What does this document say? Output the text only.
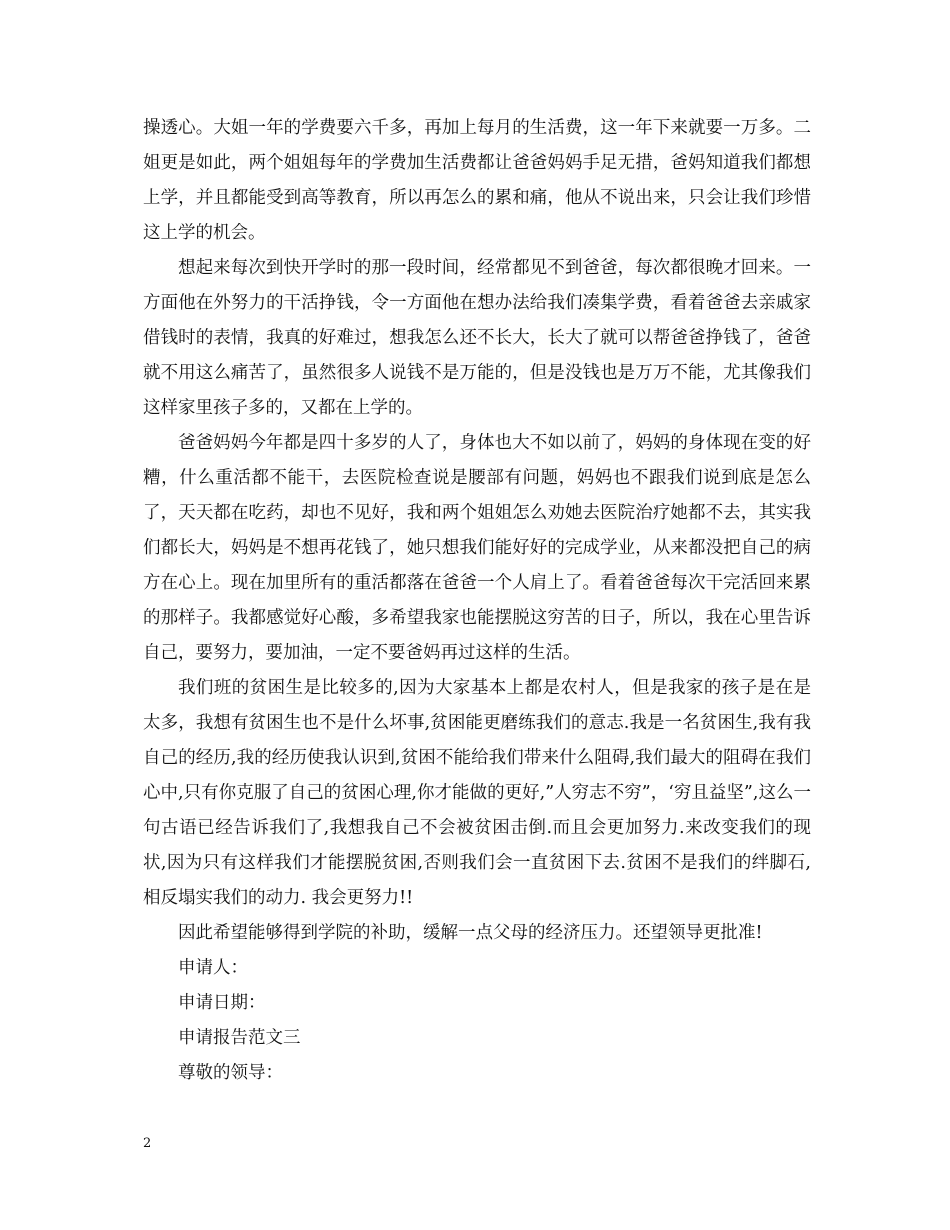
操透心。大姐一年的学费要六千多，再加上每月的生活费，这一年下来就要一万多。二姐更是如此，两个姐姐每年的学费加生活费都让爸爸妈妈手足无措，爸妈知道我们都想上学，并且都能受到高等教育，所以再怎么的累和痛，他从不说出来，只会让我们珍惜这上学的机会。

想起来每次到快开学时的那一段时间，经常都见不到爸爸，每次都很晚才回来。一方面他在外努力的干活挣钱，令一方面他在想办法给我们凑集学费，看着爸爸去亲戚家借钱时的表情，我真的好难过，想我怎么还不长大，长大了就可以帮爸爸挣钱了，爸爸就不用这么痛苦了，虽然很多人说钱不是万能的，但是没钱也是万万不能，尤其像我们这样家里孩子多的，又都在上学的。

爸爸妈妈今年都是四十多岁的人了，身体也大不如以前了，妈妈的身体现在变的好糟，什么重活都不能干，去医院检查说是腰部有问题，妈妈也不跟我们说到底是怎么了，天天都在吃药，却也不见好，我和两个姐姐怎么劝她去医院治疗她都不去，其实我们都长大，妈妈是不想再花钱了，她只想我们能好好的完成学业，从来都没把自己的病方在心上。现在加里所有的重活都落在爸爸一个人肩上了。看着爸爸每次干完活回来累的那样子。我都感觉好心酸，多希望我家也能摆脱这穷苦的日子，所以，我在心里告诉自己，要努力，要加油，一定不要爸妈再过这样的生活。

我们班的贫困生是比较多的,因为大家基本上都是农村人，但是我家的孩子是在是太多，我想有贫困生也不是什么坏事,贫困能更磨练我们的意志.我是一名贫困生,我有我自己的经历,我的经历使我认识到,贫困不能给我们带来什么阻碍,我们最大的阻碍在我们心中,只有你克服了自己的贫困心理,你才能做的更好,”人穷志不穷”，‘穷且益坚”,这么一句古语已经告诉我们了,我想我自己不会被贫困击倒.而且会更加努力.来改变我们的现状,因为只有这样我们才能摆脱贫困,否则我们会一直贫困下去.贫困不是我们的绊脚石,相反塌实我们的动力. 我会更努力!!

因此希望能够得到学院的补助，缓解一点父母的经济压力。还望领导更批准!

申请人：

申请日期：

申请报告范文三

尊敬的领导：

2
